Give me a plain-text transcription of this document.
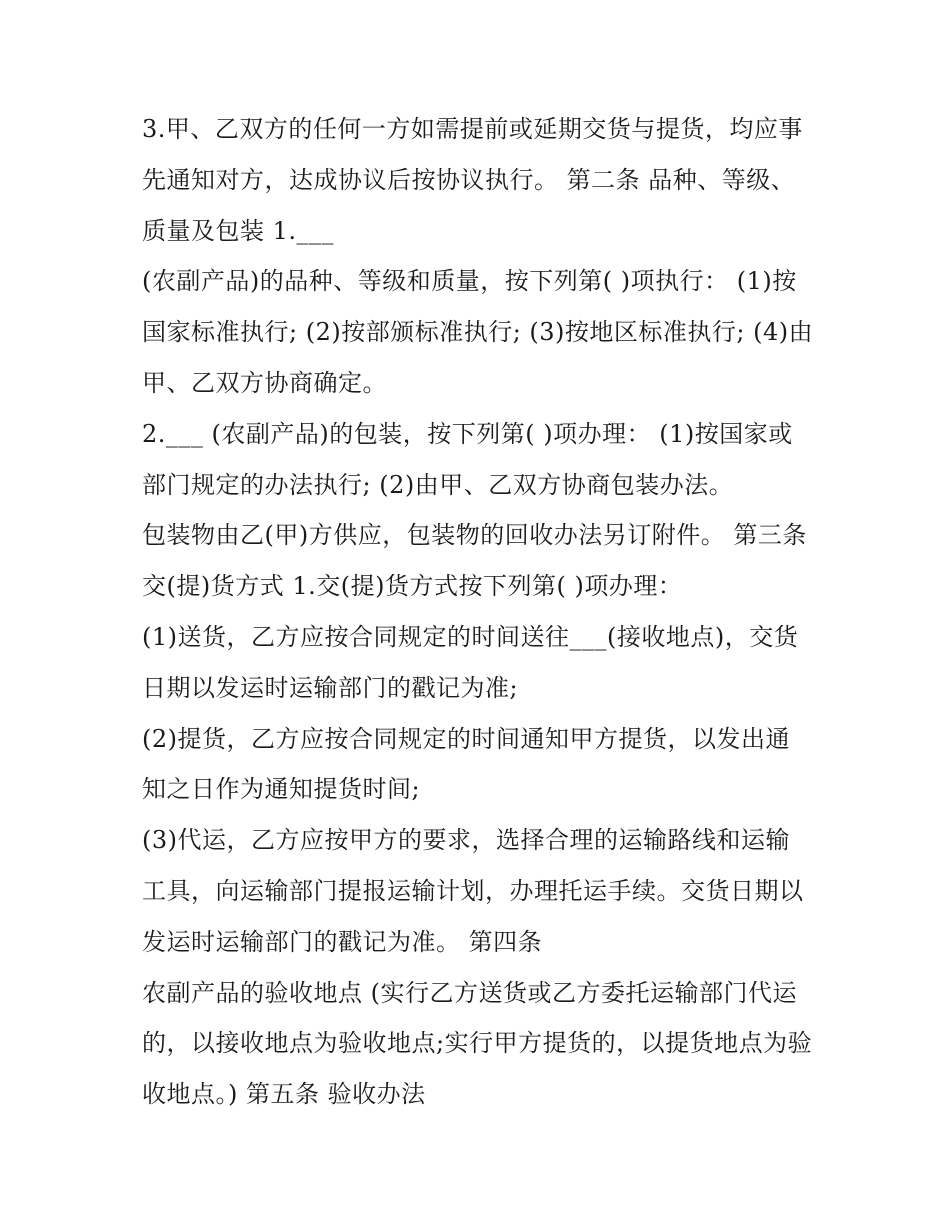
3.甲、乙双方的任何一方如需提前或延期交货与提货，均应事先通知对方，达成协议后按协议执行。 第二条 品种、等级、质量及包装 1.___

(农副产品)的品种、等级和质量，按下列第( )项执行： (1)按国家标准执行; (2)按部颁标准执行; (3)按地区标准执行; (4)由甲、乙双方协商确定。

2.___ (农副产品)的包装，按下列第( )项办理： (1)按国家或部门规定的办法执行; (2)由甲、乙双方协商包装办法。

包装物由乙(甲)方供应，包装物的回收办法另订附件。 第三条 交(提)货方式 1.交(提)货方式按下列第( )项办理：

(1)送货，乙方应按合同规定的时间送往___(接收地点)，交货日期以发运时运输部门的戳记为准;

(2)提货，乙方应按合同规定的时间通知甲方提货，以发出通知之日作为通知提货时间;

(3)代运，乙方应按甲方的要求，选择合理的运输路线和运输工具，向运输部门提报运输计划，办理托运手续。交货日期以发运时运输部门的戳记为准。 第四条

农副产品的验收地点 (实行乙方送货或乙方委托运输部门代运的，以接收地点为验收地点;实行甲方提货的，以提货地点为验收地点。) 第五条 验收办法
